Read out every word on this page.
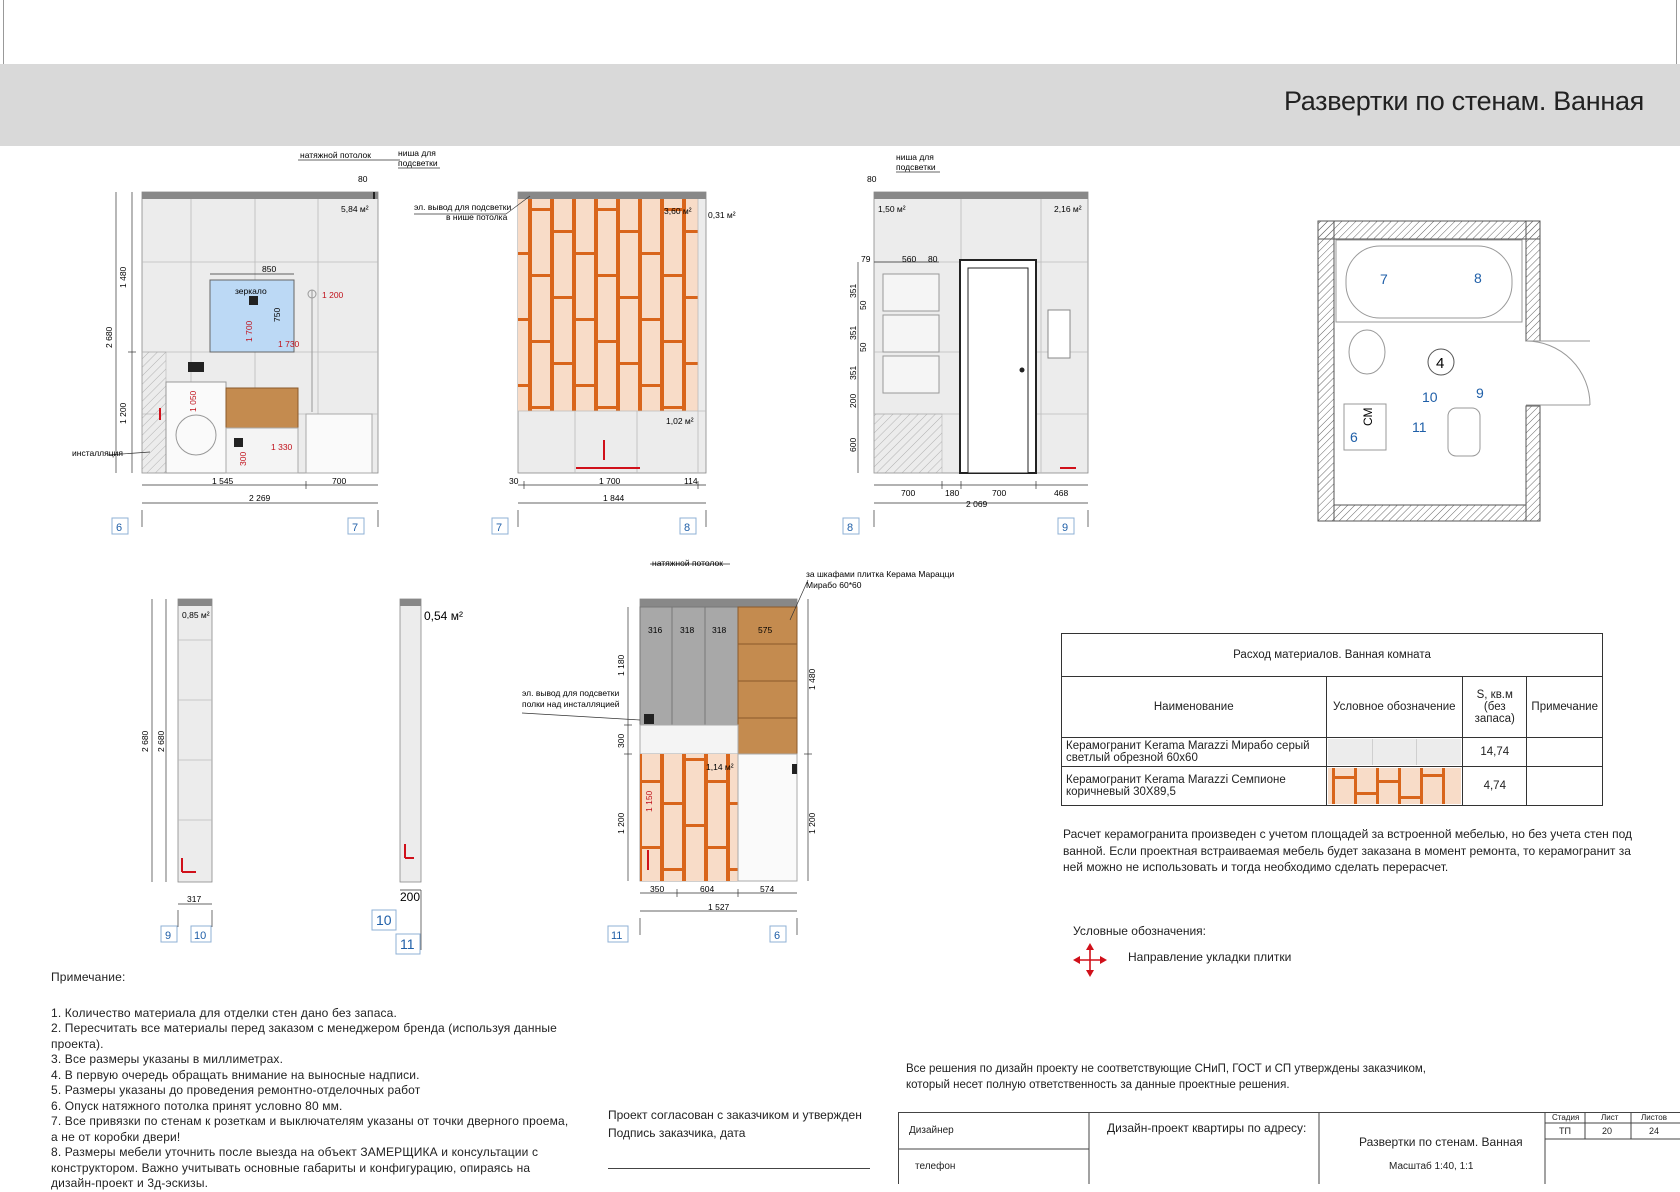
Развертки по стенам. Ванная
натяжной потолок	ниша для
подсветки
80
5,84 м²
850
зеркало	1 200
750
1 700
1 730
1 050
300
1 330
1 480
2 680
1 200
инсталляция
1 545	700
2 269
6	7
эл. вывод для подсветки
в нише потолка
3,60 м² 0,31 м²
1,02 м²
30	1 700	114
1 844
7	8
ниша для
подсветки
80
1,50 м²	2,16 м²
79	560 80
351
50
351
50
351
200
600
700	180	700	468
2 069
8	9
4
7	8
9
10
11
6
СМ
0,85 м²
2 680 2 680
317
9 10
0,54 м²
200
10
11
натяжной потолок
за шкафами плитка Керама Марацци
Мирабо 60*60
эл. вывод для подсветки
полки над инсталляцией
316 318 318	575
1 180
300
1 200
1 480
1 200
1,14 м²
1 150
350	604	574
1 527
11	6
Расход материалов. Ванная комната			
Наименование	Условное обозначение	S, кв.м
(без
запаса)	Примечание
Керамогранит Kerama Marazzi Мирабо серый светлый обрезной 60х60		14,74	
Керамогранит Kerama Marazzi Семпионе коричневый 30Х89,5		4,74	
Расчет керамогранита произведен с учетом площадей за встроенной мебелью, но без учета стен под ванной. Если проектная встраиваемая мебель будет заказана в момент ремонта, то керамогранит за ней можно не использовать и тогда необходимо сделать перерасчет.
Условные обозначения:
Направление укладки плитки

Примечание:

1. Количество материала для отделки стен дано без запаса.

2. Пересчитать все материалы перед заказом с менеджером бренда (используя данные проекта).

3. Все размеры указаны в миллиметрах.

4. В первую очередь обращать внимание на выносные надписи.

5. Размеры указаны до проведения ремонтно-отделочных работ

6. Опуск натяжного потолка принят условно 80 мм.

7. Все привязки по стенам к розеткам и выключателям указаны от точки дверного проема, а не от коробки двери!

8. Размеры мебели уточнить после выезда на объект ЗАМЕРЩИКА и консультации с конструктором. Важно учитывать основные габариты и конфигурацию, опираясь на дизайн-проект и 3д-эскизы.

Проект согласован с заказчиком и утвержден
Подпись заказчика, дата
Все решения по дизайн проекту не соответствующие СНиП, ГОСТ и СП утверждены заказчиком,
который несет полную ответственность за данные проектные решения.
Дизайнер
телефон
Дизайн-проект квартиры по адресу:
Развертки по стенам. Ванная
Масштаб 1:40, 1:1
Стадия	Лист	Листов
ТП	20	24
